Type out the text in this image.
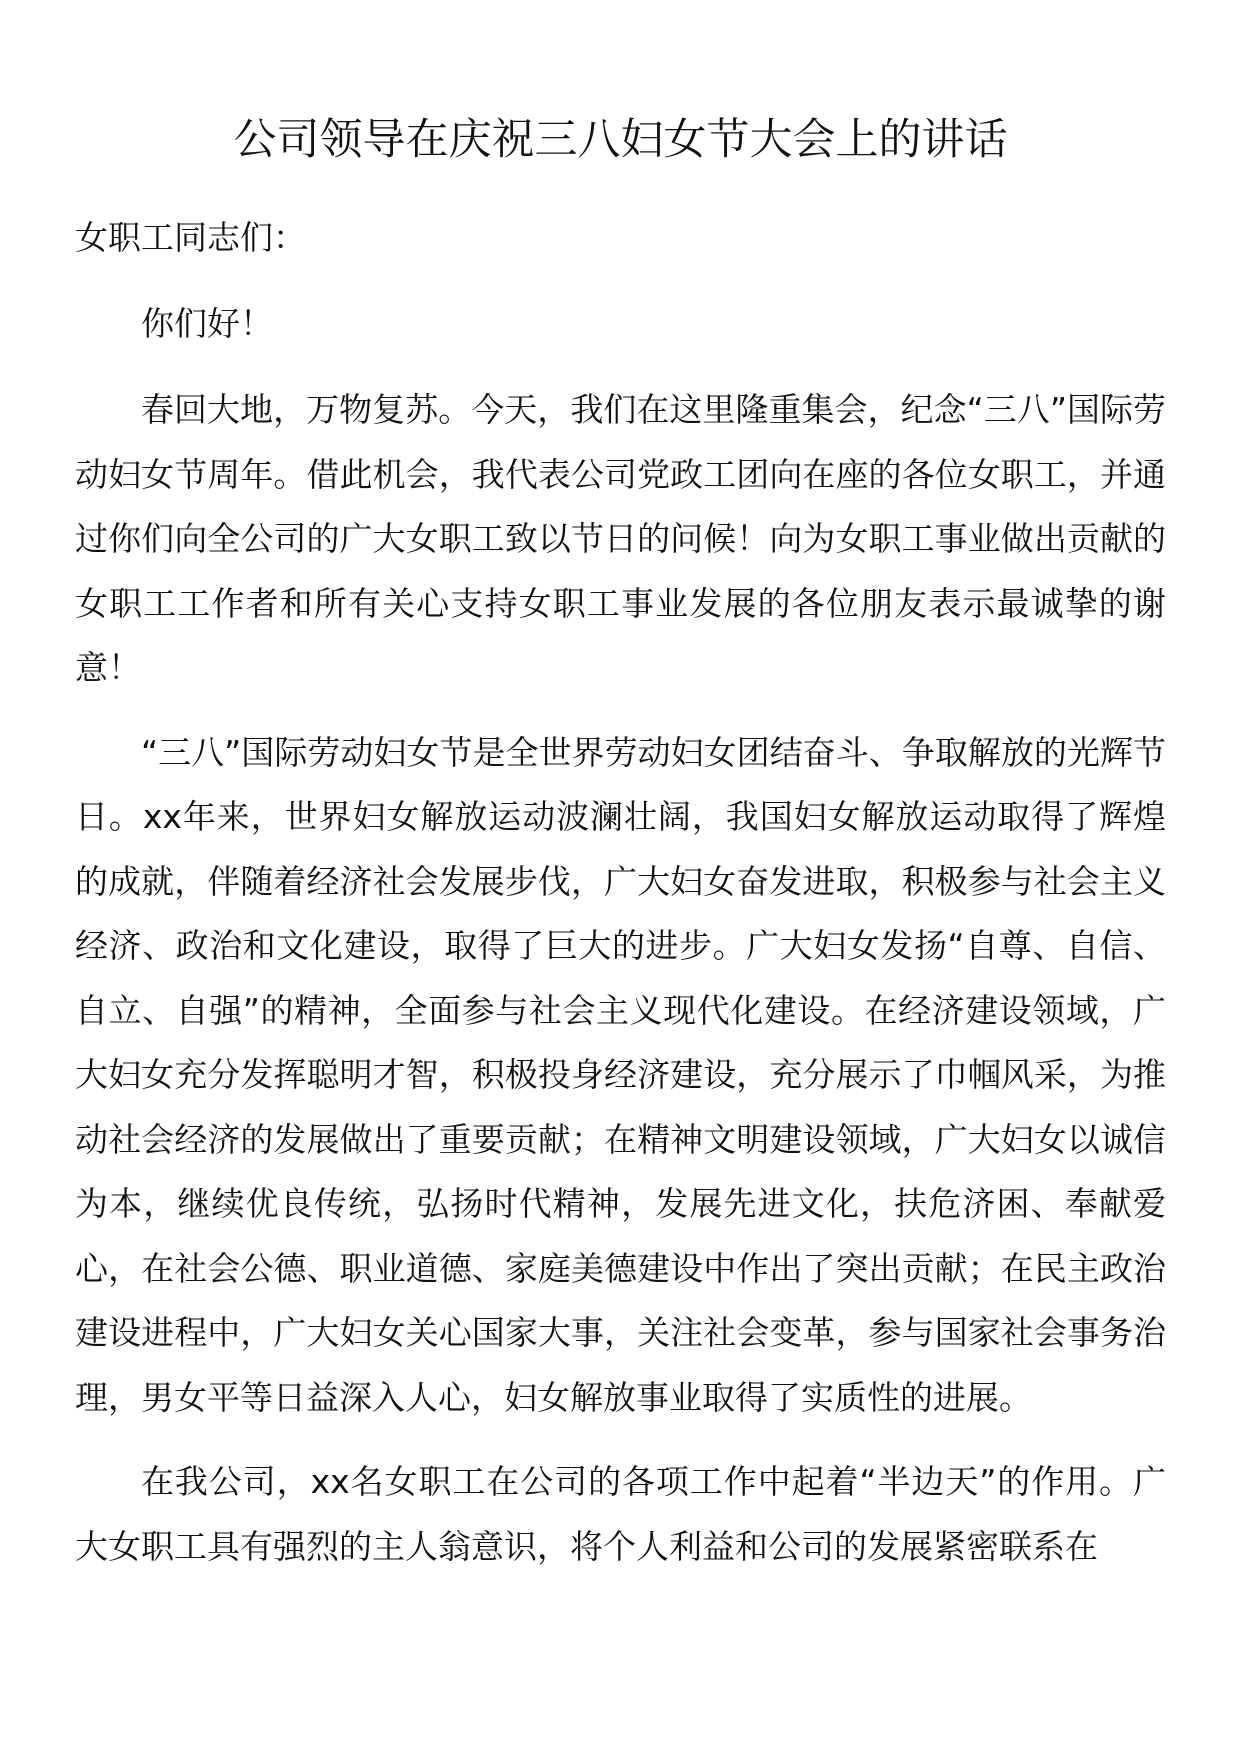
公司领导在庆祝三八妇女节大会上的讲话
女职工同志们：

你们好！

春回大地，万物复苏。今天，我们在这里隆重集会，纪念“三八”国际劳动妇女节周年。借此机会，我代表公司党政工团向在座的各位女职工，并通过你们向全公司的广大女职工致以节日的问候！向为女职工事业做出贡献的女职工工作者和所有关心支持女职工事业发展的各位朋友表示最诚挚的谢意！

“三八”国际劳动妇女节是全世界劳动妇女团结奋斗、争取解放的光辉节日。xx年来，世界妇女解放运动波澜壮阔，我国妇女解放运动取得了辉煌的成就，伴随着经济社会发展步伐，广大妇女奋发进取，积极参与社会主义经济、政治和文化建设，取得了巨大的进步。广大妇女发扬“自尊、自信、自立、自强”的精神，全面参与社会主义现代化建设。在经济建设领域，广大妇女充分发挥聪明才智，积极投身经济建设，充分展示了巾帼风采，为推动社会经济的发展做出了重要贡献；在精神文明建设领域，广大妇女以诚信为本，继续优良传统，弘扬时代精神，发展先进文化，扶危济困、奉献爱心，在社会公德、职业道德、家庭美德建设中作出了突出贡献；在民主政治建设进程中，广大妇女关心国家大事，关注社会变革，参与国家社会事务治理，男女平等日益深入人心，妇女解放事业取得了实质性的进展。

在我公司，xx名女职工在公司的各项工作中起着“半边天”的作用。广大女职工具有强烈的主人翁意识，将个人利益和公司的发展紧密联系在
